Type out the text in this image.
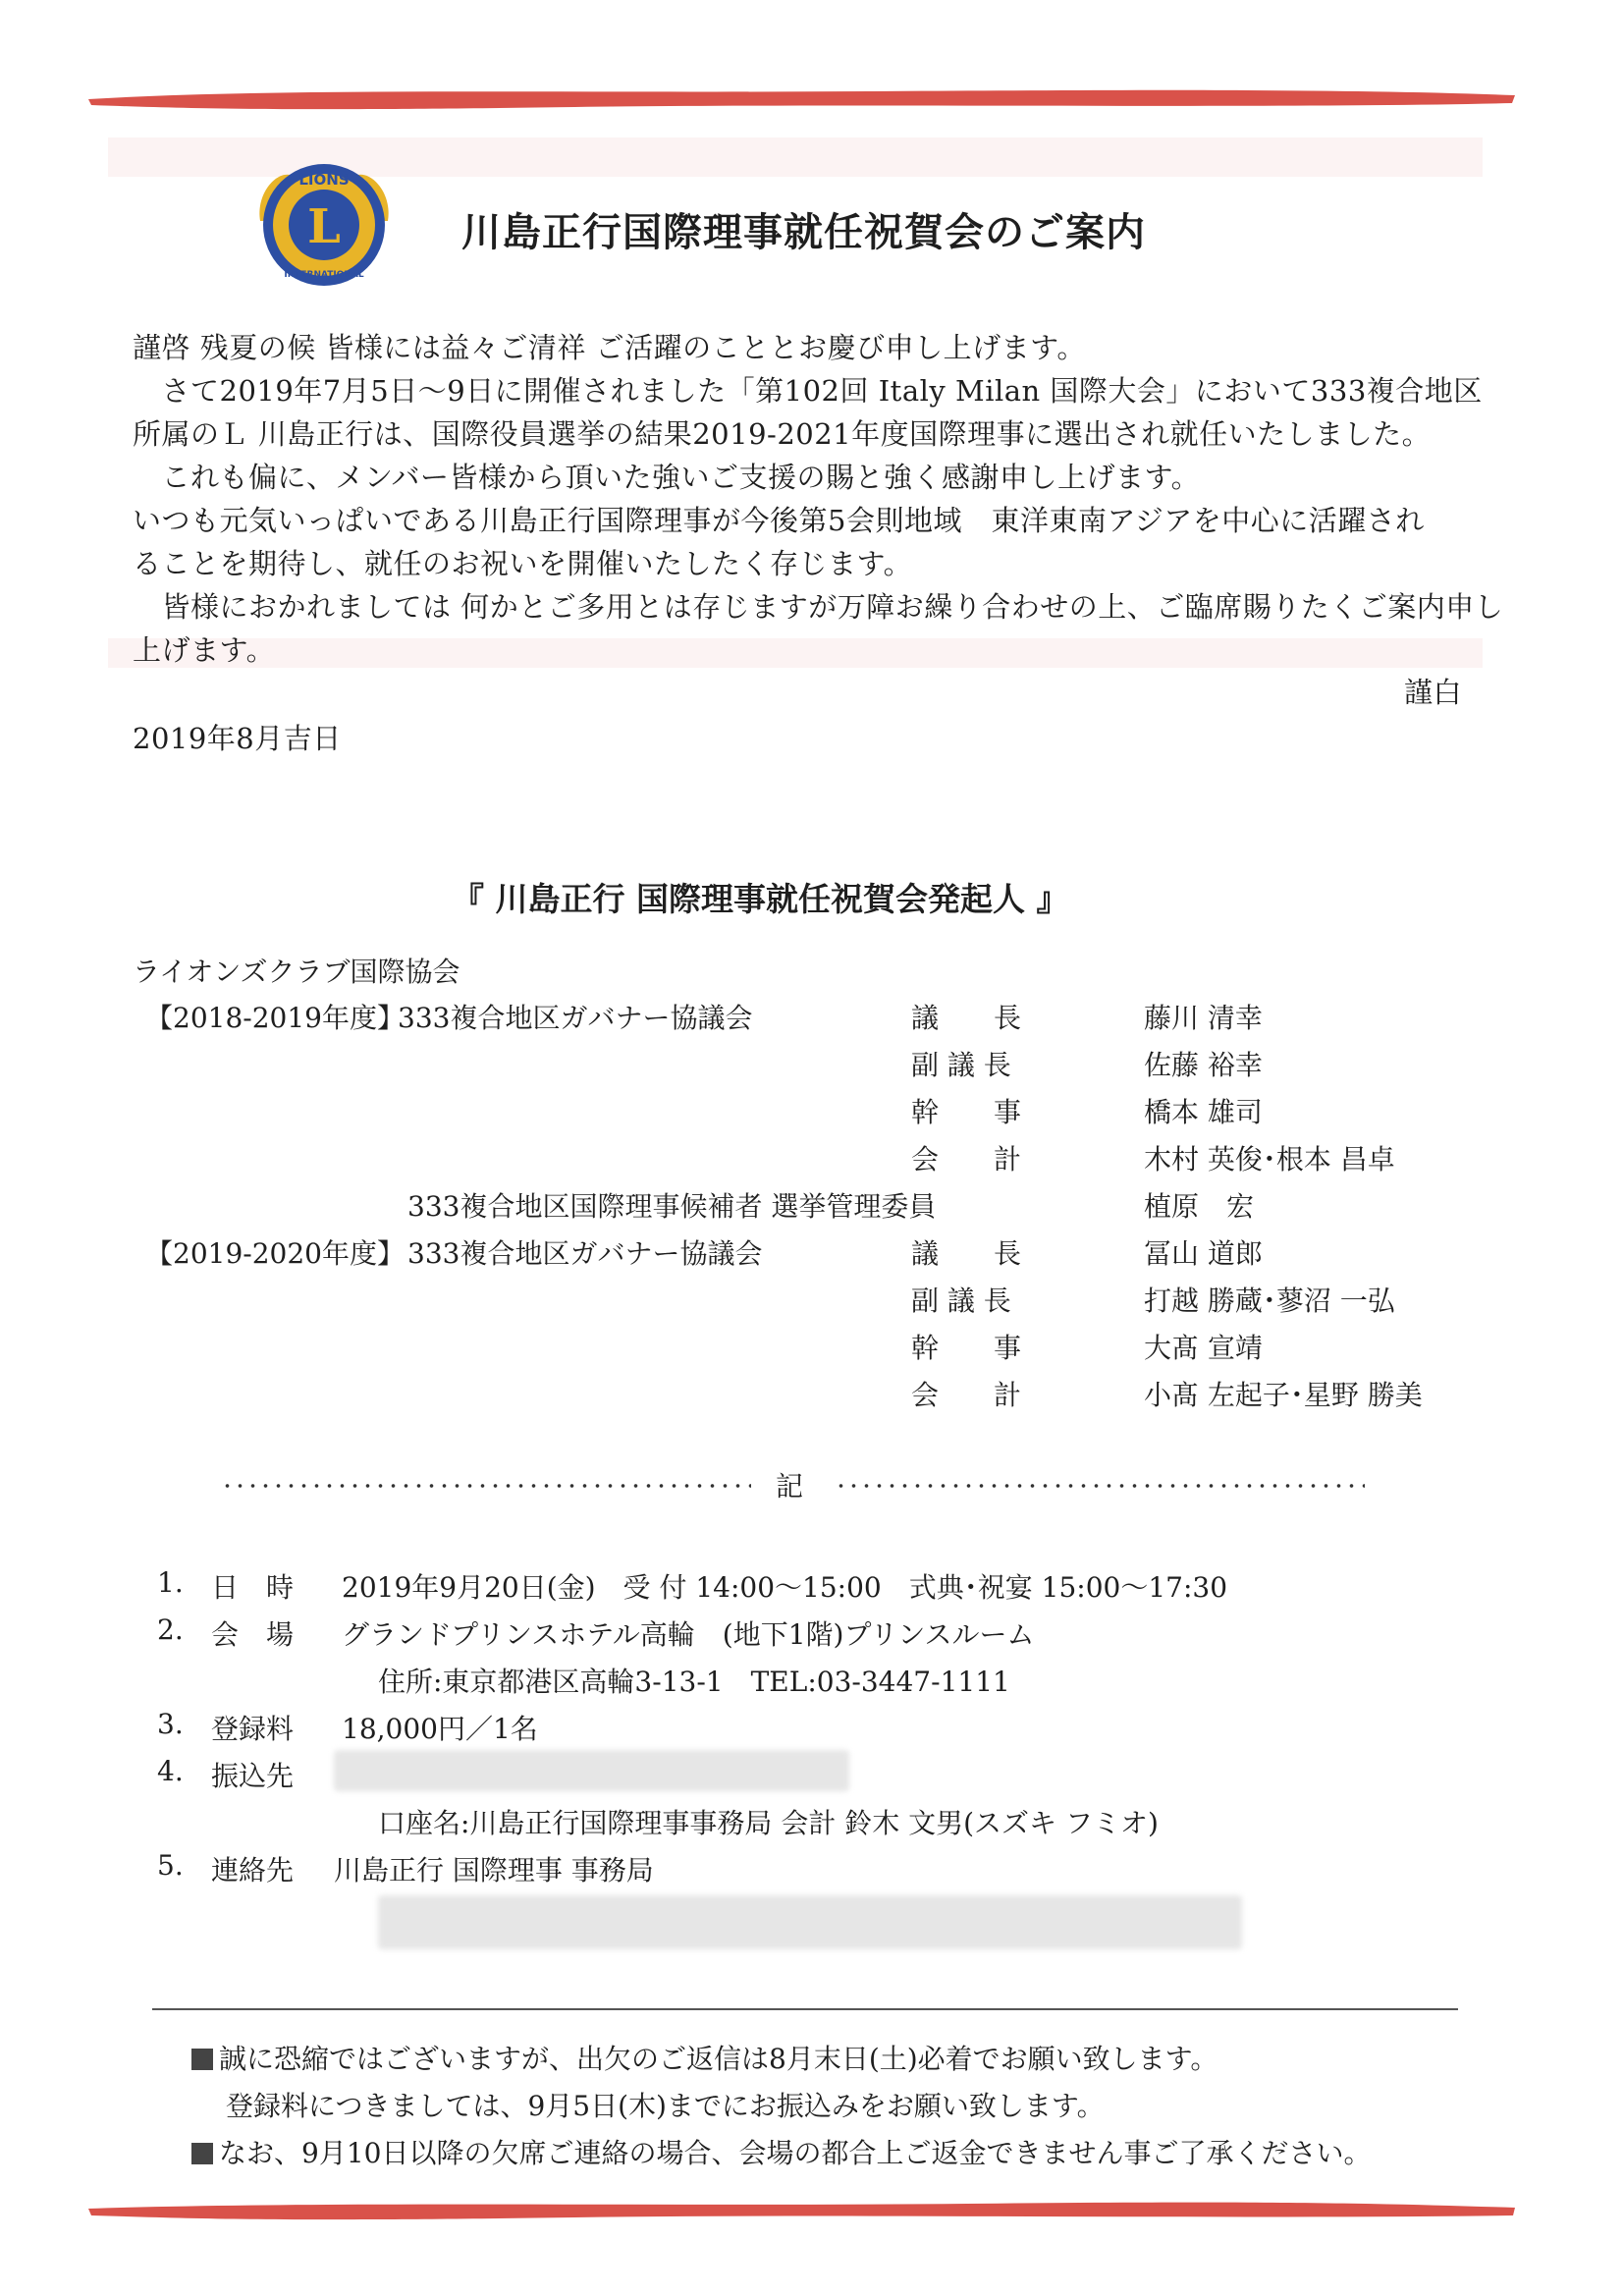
L
LIONS
INTERNATIONAL
川島正行国際理事就任祝賀会のご案内
謹啓 残夏の候 皆様には益々ご清祥 ご活躍のこととお慶び申し上げます。
　さて2019年7月5日～9日に開催されました「第102回 Italy Milan 国際大会」において333複合地区
所属のＬ 川島正行は、国際役員選挙の結果2019-2021年度国際理事に選出され就任いたしました。
　これも偏に、メンバー皆様から頂いた強いご支援の賜と強く感謝申し上げます。
いつも元気いっぱいである川島正行国際理事が今後第5会則地域　東洋東南アジアを中心に活躍され
ることを期待し、就任のお祝いを開催いたしたく存じます。
　皆様におかれましては 何かとご多用とは存じますが万障お繰り合わせの上、ご臨席賜りたくご案内申し
上げます。
謹白
2019年8月吉日
『 川島正行 国際理事就任祝賀会発起人 』
ライオンズクラブ国際協会
【2018-2019年度】
333複合地区ガバナー協議会	議　　長	藤川 清幸
副 議 長	佐藤 裕幸
幹　　事	橋本 雄司
会　　計	木村 英俊･根本 昌卓
333複合地区国際理事候補者 選挙管理委員	植原　宏
【2019-2020年度】 333複合地区ガバナー協議会	議　　長	冨山 道郎
副 議 長	打越 勝蔵･蓼沼 一弘
幹　　事	大髙 宣靖
会　　計	小髙 左起子･星野 勝美
記
1. 日　時 2019年9月20日(金)　受 付 14:00～15:00　式典･祝宴 15:00～17:30
2. 会　場 グランドプリンスホテル高輪　(地下1階)プリンスルーム
住所:東京都港区高輪3-13-1　TEL:03-3447-1111
3. 登録料 18,000円／1名
4. 振込先
口座名:川島正行国際理事事務局 会計 鈴木 文男(スズキ フミオ)
5. 連絡先 川島正行 国際理事 事務局
誠に恐縮ではございますが、出欠のご返信は8月末日(土)必着でお願い致します。
登録料につきましては、9月5日(木)までにお振込みをお願い致します。
なお、9月10日以降の欠席ご連絡の場合、会場の都合上ご返金できません事ご了承ください。
